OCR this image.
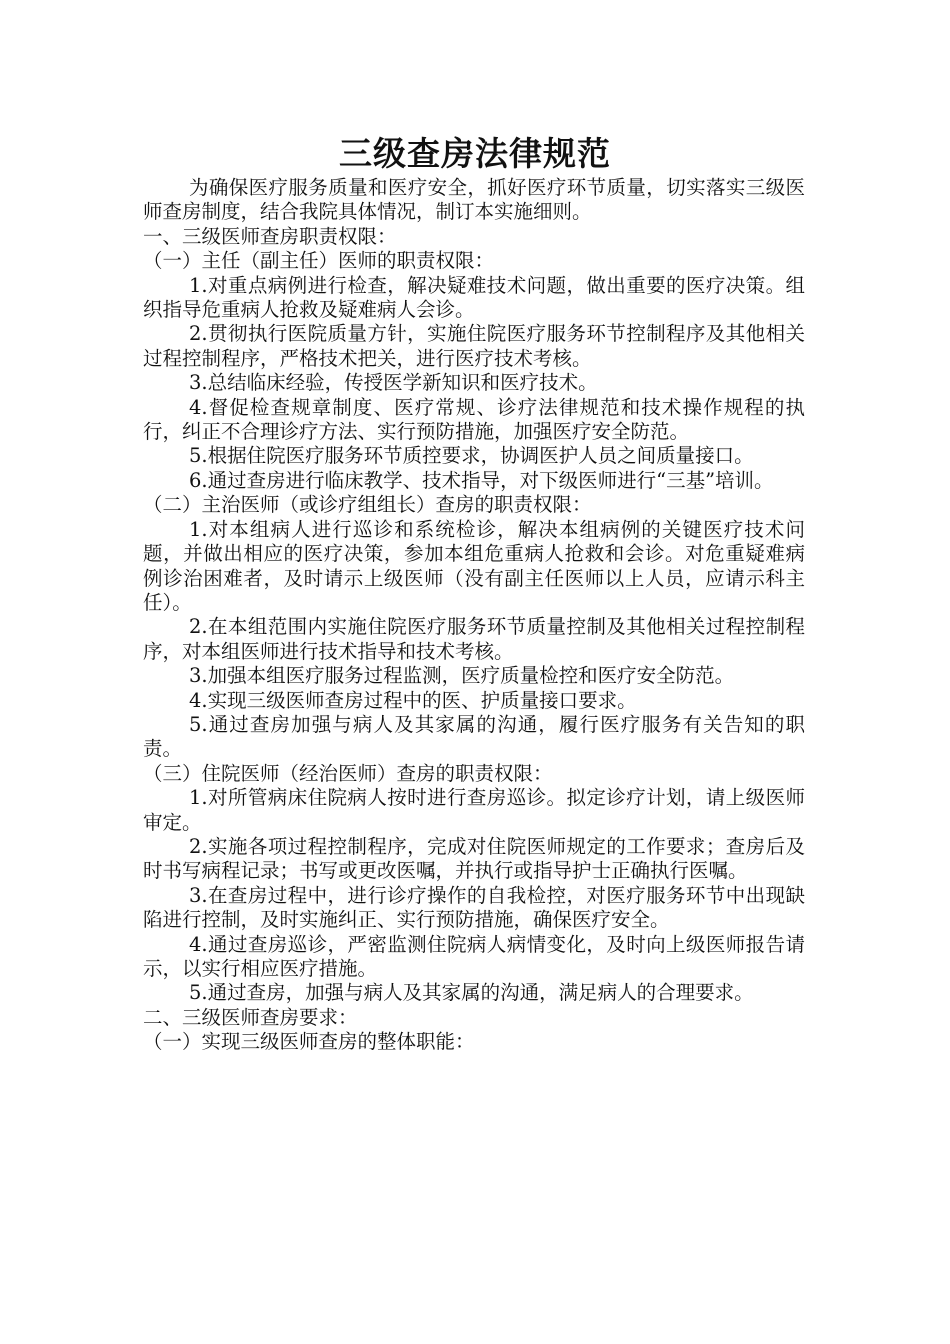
三级查房法律规范

为确保医疗服务质量和医疗安全，抓好医疗环节质量，切实落实三级医师查房制度，结合我院具体情况，制订本实施细则。

一、三级医师查房职责权限：

（一）主任（副主任）医师的职责权限：

1.对重点病例进行检查，解决疑难技术问题，做出重要的医疗决策。组织指导危重病人抢救及疑难病人会诊。

2.贯彻执行医院质量方针，实施住院医疗服务环节控制程序及其他相关过程控制程序，严格技术把关，进行医疗技术考核。

3.总结临床经验，传授医学新知识和医疗技术。

4.督促检查规章制度、医疗常规、诊疗法律规范和技术操作规程的执行，纠正不合理诊疗方法、实行预防措施，加强医疗安全防范。

5.根据住院医疗服务环节质控要求，协调医护人员之间质量接口。

6.通过查房进行临床教学、技术指导，对下级医师进行“三基”培训。

（二）主治医师（或诊疗组组长）查房的职责权限：

1.对本组病人进行巡诊和系统检诊，解决本组病例的关键医疗技术问题，并做出相应的医疗决策，参加本组危重病人抢救和会诊。对危重疑难病例诊治困难者，及时请示上级医师（没有副主任医师以上人员，应请示科主任）。

2.在本组范围内实施住院医疗服务环节质量控制及其他相关过程控制程序，对本组医师进行技术指导和技术考核。

3.加强本组医疗服务过程监测，医疗质量检控和医疗安全防范。

4.实现三级医师查房过程中的医、护质量接口要求。

5.通过查房加强与病人及其家属的沟通，履行医疗服务有关告知的职责。

（三）住院医师（经治医师）查房的职责权限：

1.对所管病床住院病人按时进行查房巡诊。拟定诊疗计划，请上级医师审定。

2.实施各项过程控制程序，完成对住院医师规定的工作要求；查房后及时书写病程记录；书写或更改医嘱，并执行或指导护士正确执行医嘱。

3.在查房过程中，进行诊疗操作的自我检控，对医疗服务环节中出现缺陷进行控制，及时实施纠正、实行预防措施，确保医疗安全。

4.通过查房巡诊，严密监测住院病人病情变化，及时向上级医师报告请示，以实行相应医疗措施。

5.通过查房，加强与病人及其家属的沟通，满足病人的合理要求。

二、三级医师查房要求：

（一）实现三级医师查房的整体职能：
